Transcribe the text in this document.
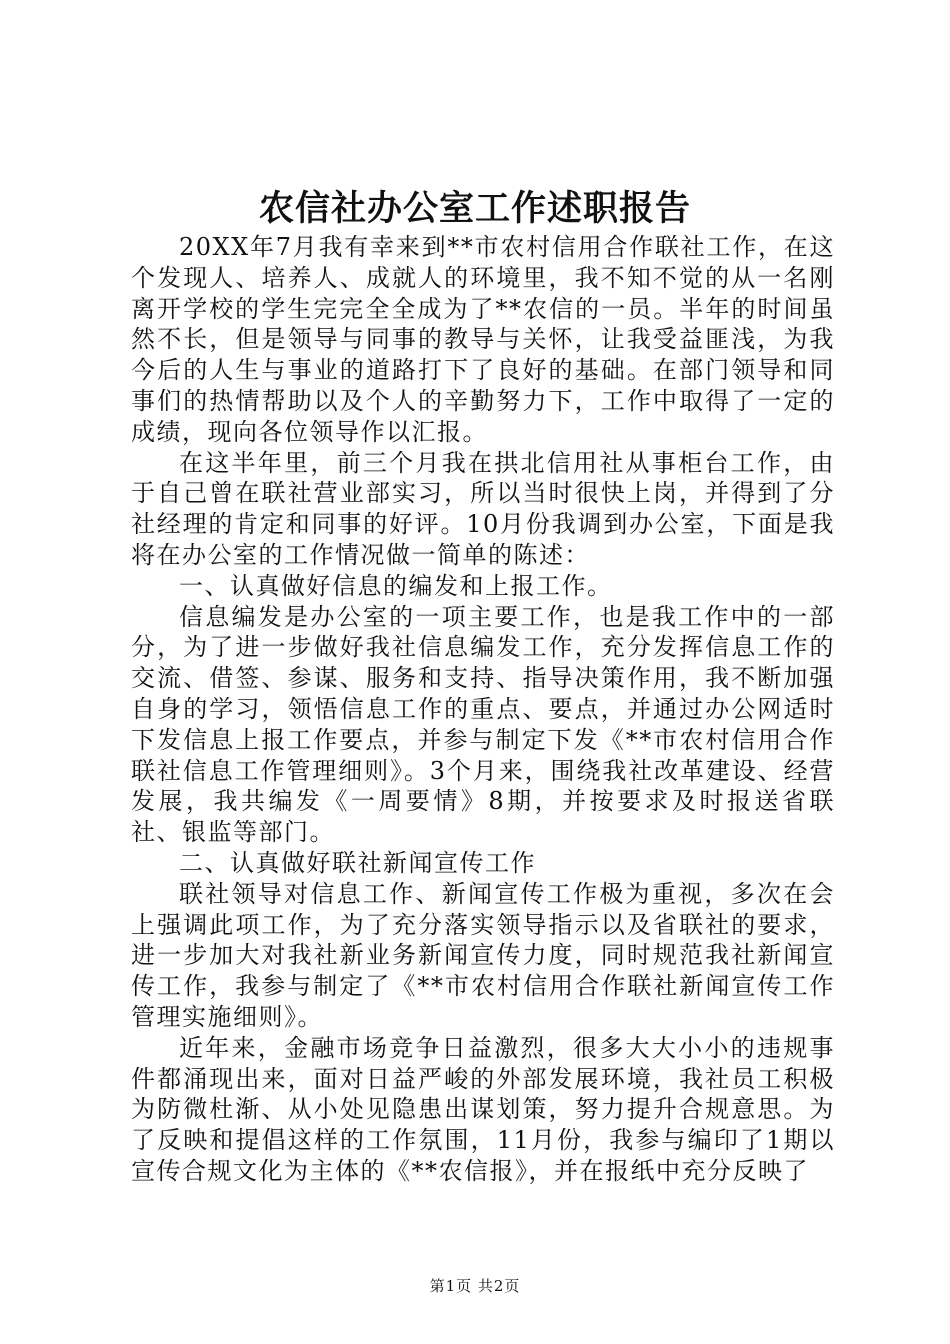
农信社办公室工作述职报告

20XX年7月我有幸来到**市农村信用合作联社工作，在这个发现人、培养人、成就人的环境里，我不知不觉的从一名刚离开学校的学生完完全全成为了**农信的一员。半年的时间虽然不长，但是领导与同事的教导与关怀，让我受益匪浅，为我今后的人生与事业的道路打下了良好的基础。在部门领导和同事们的热情帮助以及个人的辛勤努力下，工作中取得了一定的成绩，现向各位领导作以汇报。

在这半年里，前三个月我在拱北信用社从事柜台工作，由于自己曾在联社营业部实习，所以当时很快上岗，并得到了分社经理的肯定和同事的好评。10月份我调到办公室，下面是我将在办公室的工作情况做一简单的陈述：

一、认真做好信息的编发和上报工作。

信息编发是办公室的一项主要工作，也是我工作中的一部分，为了进一步做好我社信息编发工作，充分发挥信息工作的交流、借签、参谋、服务和支持、指导决策作用，我不断加强自身的学习，领悟信息工作的重点、要点，并通过办公网适时下发信息上报工作要点，并参与制定下发《**市农村信用合作联社信息工作管理细则》。3个月来，围绕我社改革建设、经营发展，我共编发《一周要情》8期，并按要求及时报送省联社、银监等部门。

二、认真做好联社新闻宣传工作

联社领导对信息工作、新闻宣传工作极为重视，多次在会上强调此项工作，为了充分落实领导指示以及省联社的要求，进一步加大对我社新业务新闻宣传力度，同时规范我社新闻宣传工作，我参与制定了《**市农村信用合作联社新闻宣传工作管理实施细则》。

近年来，金融市场竞争日益激烈，很多大大小小的违规事件都涌现出来，面对日益严峻的外部发展环境，我社员工积极为防微杜渐、从小处见隐患出谋划策，努力提升合规意思。为了反映和提倡这样的工作氛围，11月份，我参与编印了1期以宣传合规文化为主体的《**农信报》，并在报纸中充分反映了

第1页 共2页
